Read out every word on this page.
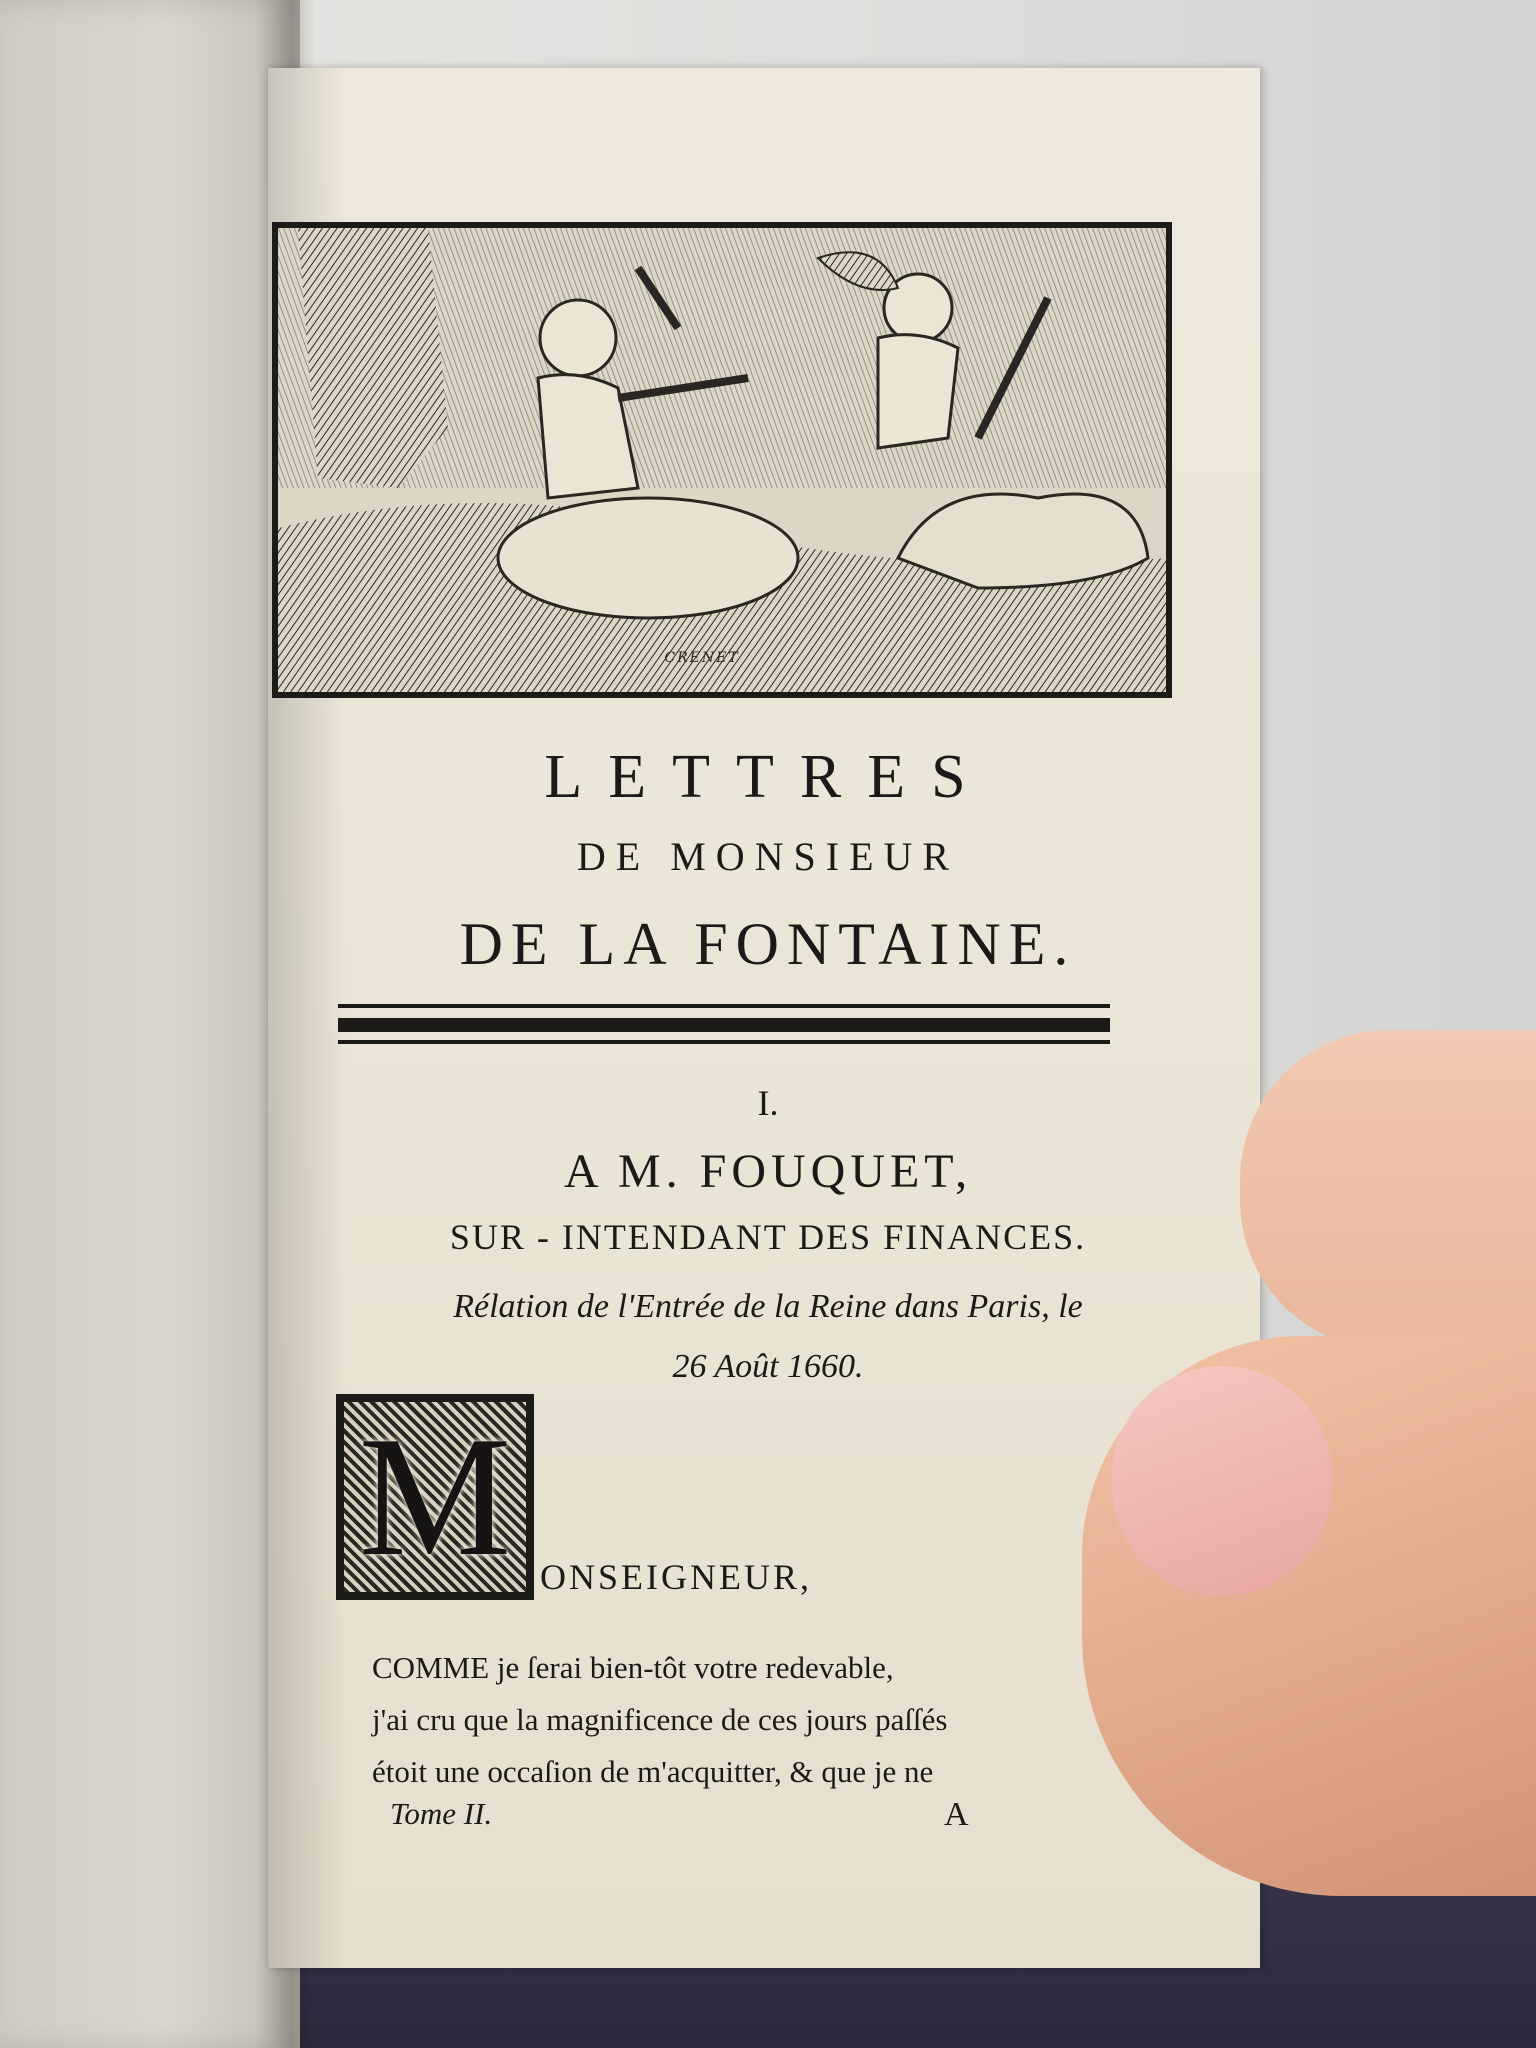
CRENET
LETTRES
DE MONSIEUR
DE LA FONTAINE.
I.
A M. FOUQUET,
SUR - INTENDANT DES FINANCES.
Rélation de l'Entrée de la Reine dans Paris, le
26 Août 1660.
M ONSEIGNEUR,
COMME je ſerai bien-tôt votre redevable,
j'ai cru que la magnificence de ces jours paſſés
étoit une occaſion de m'acquitter, & que je ne
Tome II.	A
